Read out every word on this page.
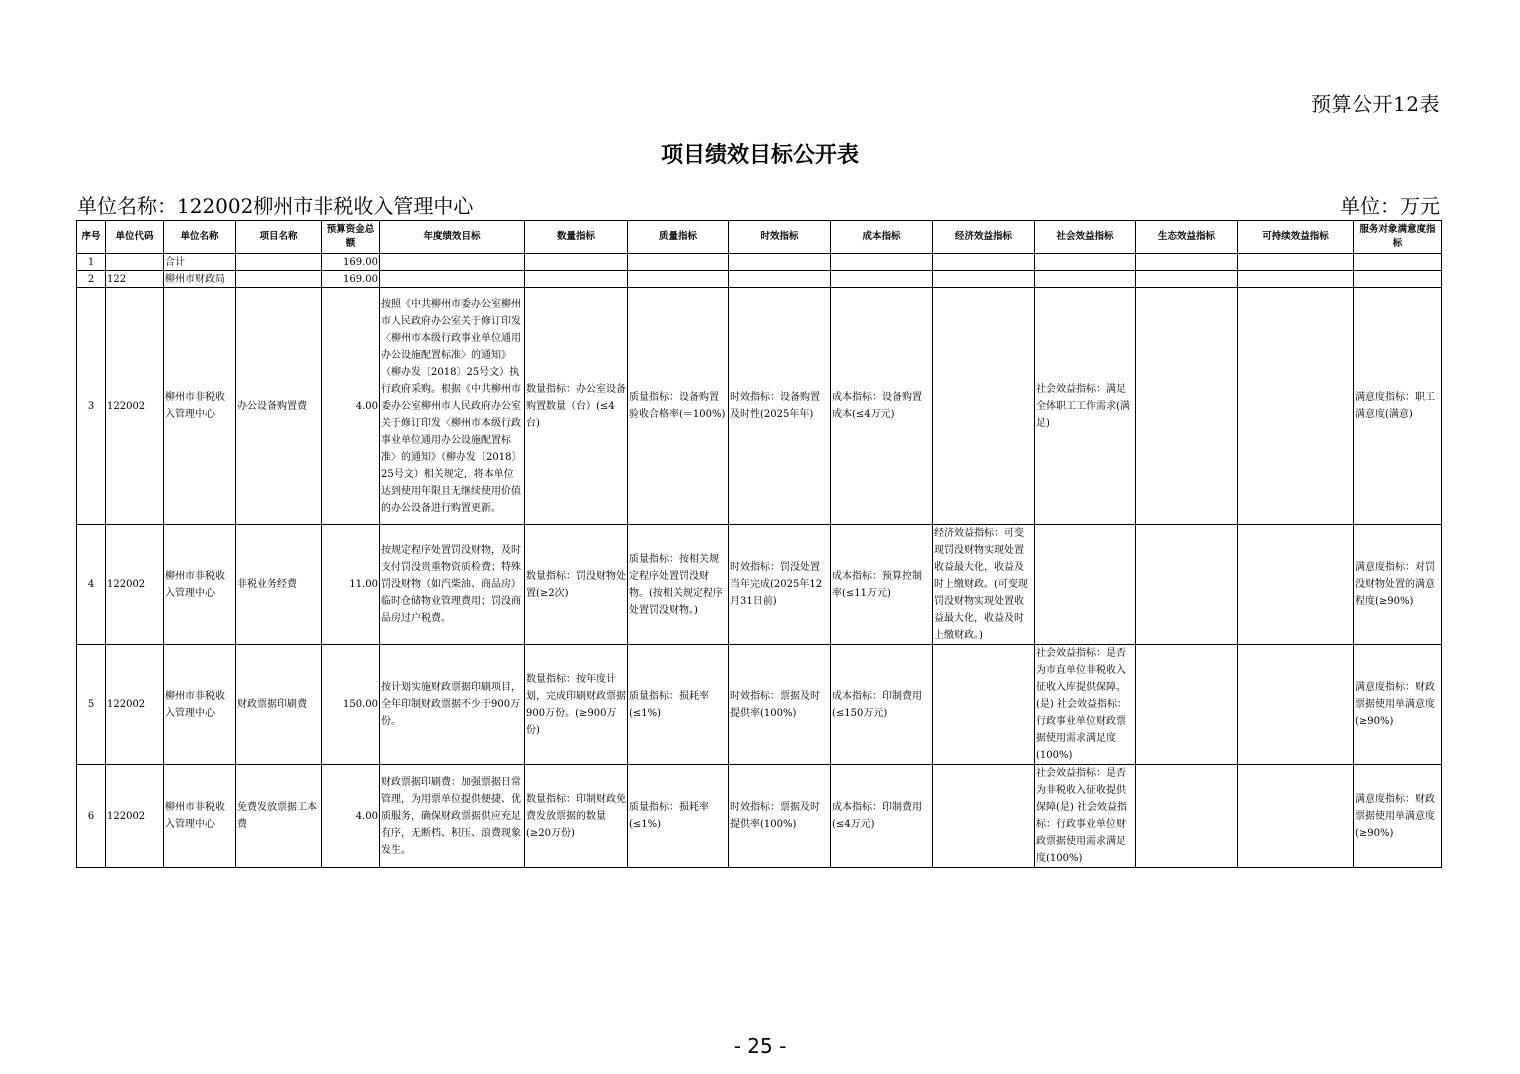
预算公开12表
项目绩效目标公开表
单位名称：122002柳州市非税收入管理中心	单位：万元
序号	单位代码	单位名称	项目名称	预算资金总额	年度绩效目标	数量指标	质量指标	时效指标	成本指标	经济效益指标	社会效益指标	生态效益指标	可持续效益指标	服务对象满意度指标
1		合计		169.00										
2	122	柳州市财政局		169.00										
3	122002	柳州市非税收入管理中心	办公设备购置费	4.00	按照《中共柳州市委办公室柳州市人民政府办公室关于修订印发〈柳州市本级行政事业单位通用办公设施配置标准〉的通知》（柳办发〔2018〕25号文）执行政府采购。根据《中共柳州市委办公室柳州市人民政府办公室关于修订印发〈柳州市本级行政事业单位通用办公设施配置标准〉的通知》（柳办发〔2018〕25号文）相关规定，将本单位达到使用年限且无继续使用价值的办公设备进行购置更新。	数量指标：办公室设备购置数量（台）(≤4台)	质量指标：设备购置验收合格率(＝100%)	时效指标：设备购置及时性(2025年年)	成本指标：设备购置成本(≤4万元)		社会效益指标：满足全体职工工作需求(满足)			满意度指标：职工满意度(满意)
4	122002	柳州市非税收入管理中心	非税业务经费	11.00	按规定程序处置罚没财物，及时支付罚没贵重物资质检费；特殊罚没财物（如汽柴油、商品房）临时仓储物业管理费用；罚没商品房过户税费。	数量指标：罚没财物处置(≥2次)	质量指标：按相关规定程序处置罚没财物。(按相关规定程序处置罚没财物。)	时效指标：罚没处置当年完成(2025年12月31日前)	成本指标：预算控制率(≤11万元)	经济效益指标：可变现罚没财物实现处置收益最大化，收益及时上缴财政。(可变现罚没财物实现处置收益最大化，收益及时上缴财政。)				满意度指标：对罚没财物处置的满意程度(≥90%)
5	122002	柳州市非税收入管理中心	财政票据印刷费	150.00	按计划实施财政票据印刷项目，全年印制财政票据不少于900万份。	数量指标：按年度计划，完成印刷财政票据900万份。(≥900万份)	质量指标：损耗率(≤1%)	时效指标：票据及时提供率(100%)	成本指标：印制费用(≤150万元)		社会效益指标：是否为市直单位非税收入征收入库提供保障。(是) 社会效益指标：行政事业单位财政票据使用需求满足度(100%)			满意度指标：财政票据使用单满意度(≥90%)
6	122002	柳州市非税收入管理中心	免费发放票据工本费	4.00	财政票据印刷费：加强票据日常管理，为用票单位提供便捷、优质服务，确保财政票据供应充足有序，无断档、积压、浪费现象发生。	数量指标：印制财政免费发放票据的数量(≥20万份)	质量指标：损耗率(≤1%)	时效指标：票据及时提供率(100%)	成本指标：印制费用(≤4万元)		社会效益指标：是否为非税收入征收提供保障(是) 社会效益指标：行政事业单位财政票据使用需求满足度(100%)			满意度指标：财政票据使用单满意度(≥90%)
- 25 -
